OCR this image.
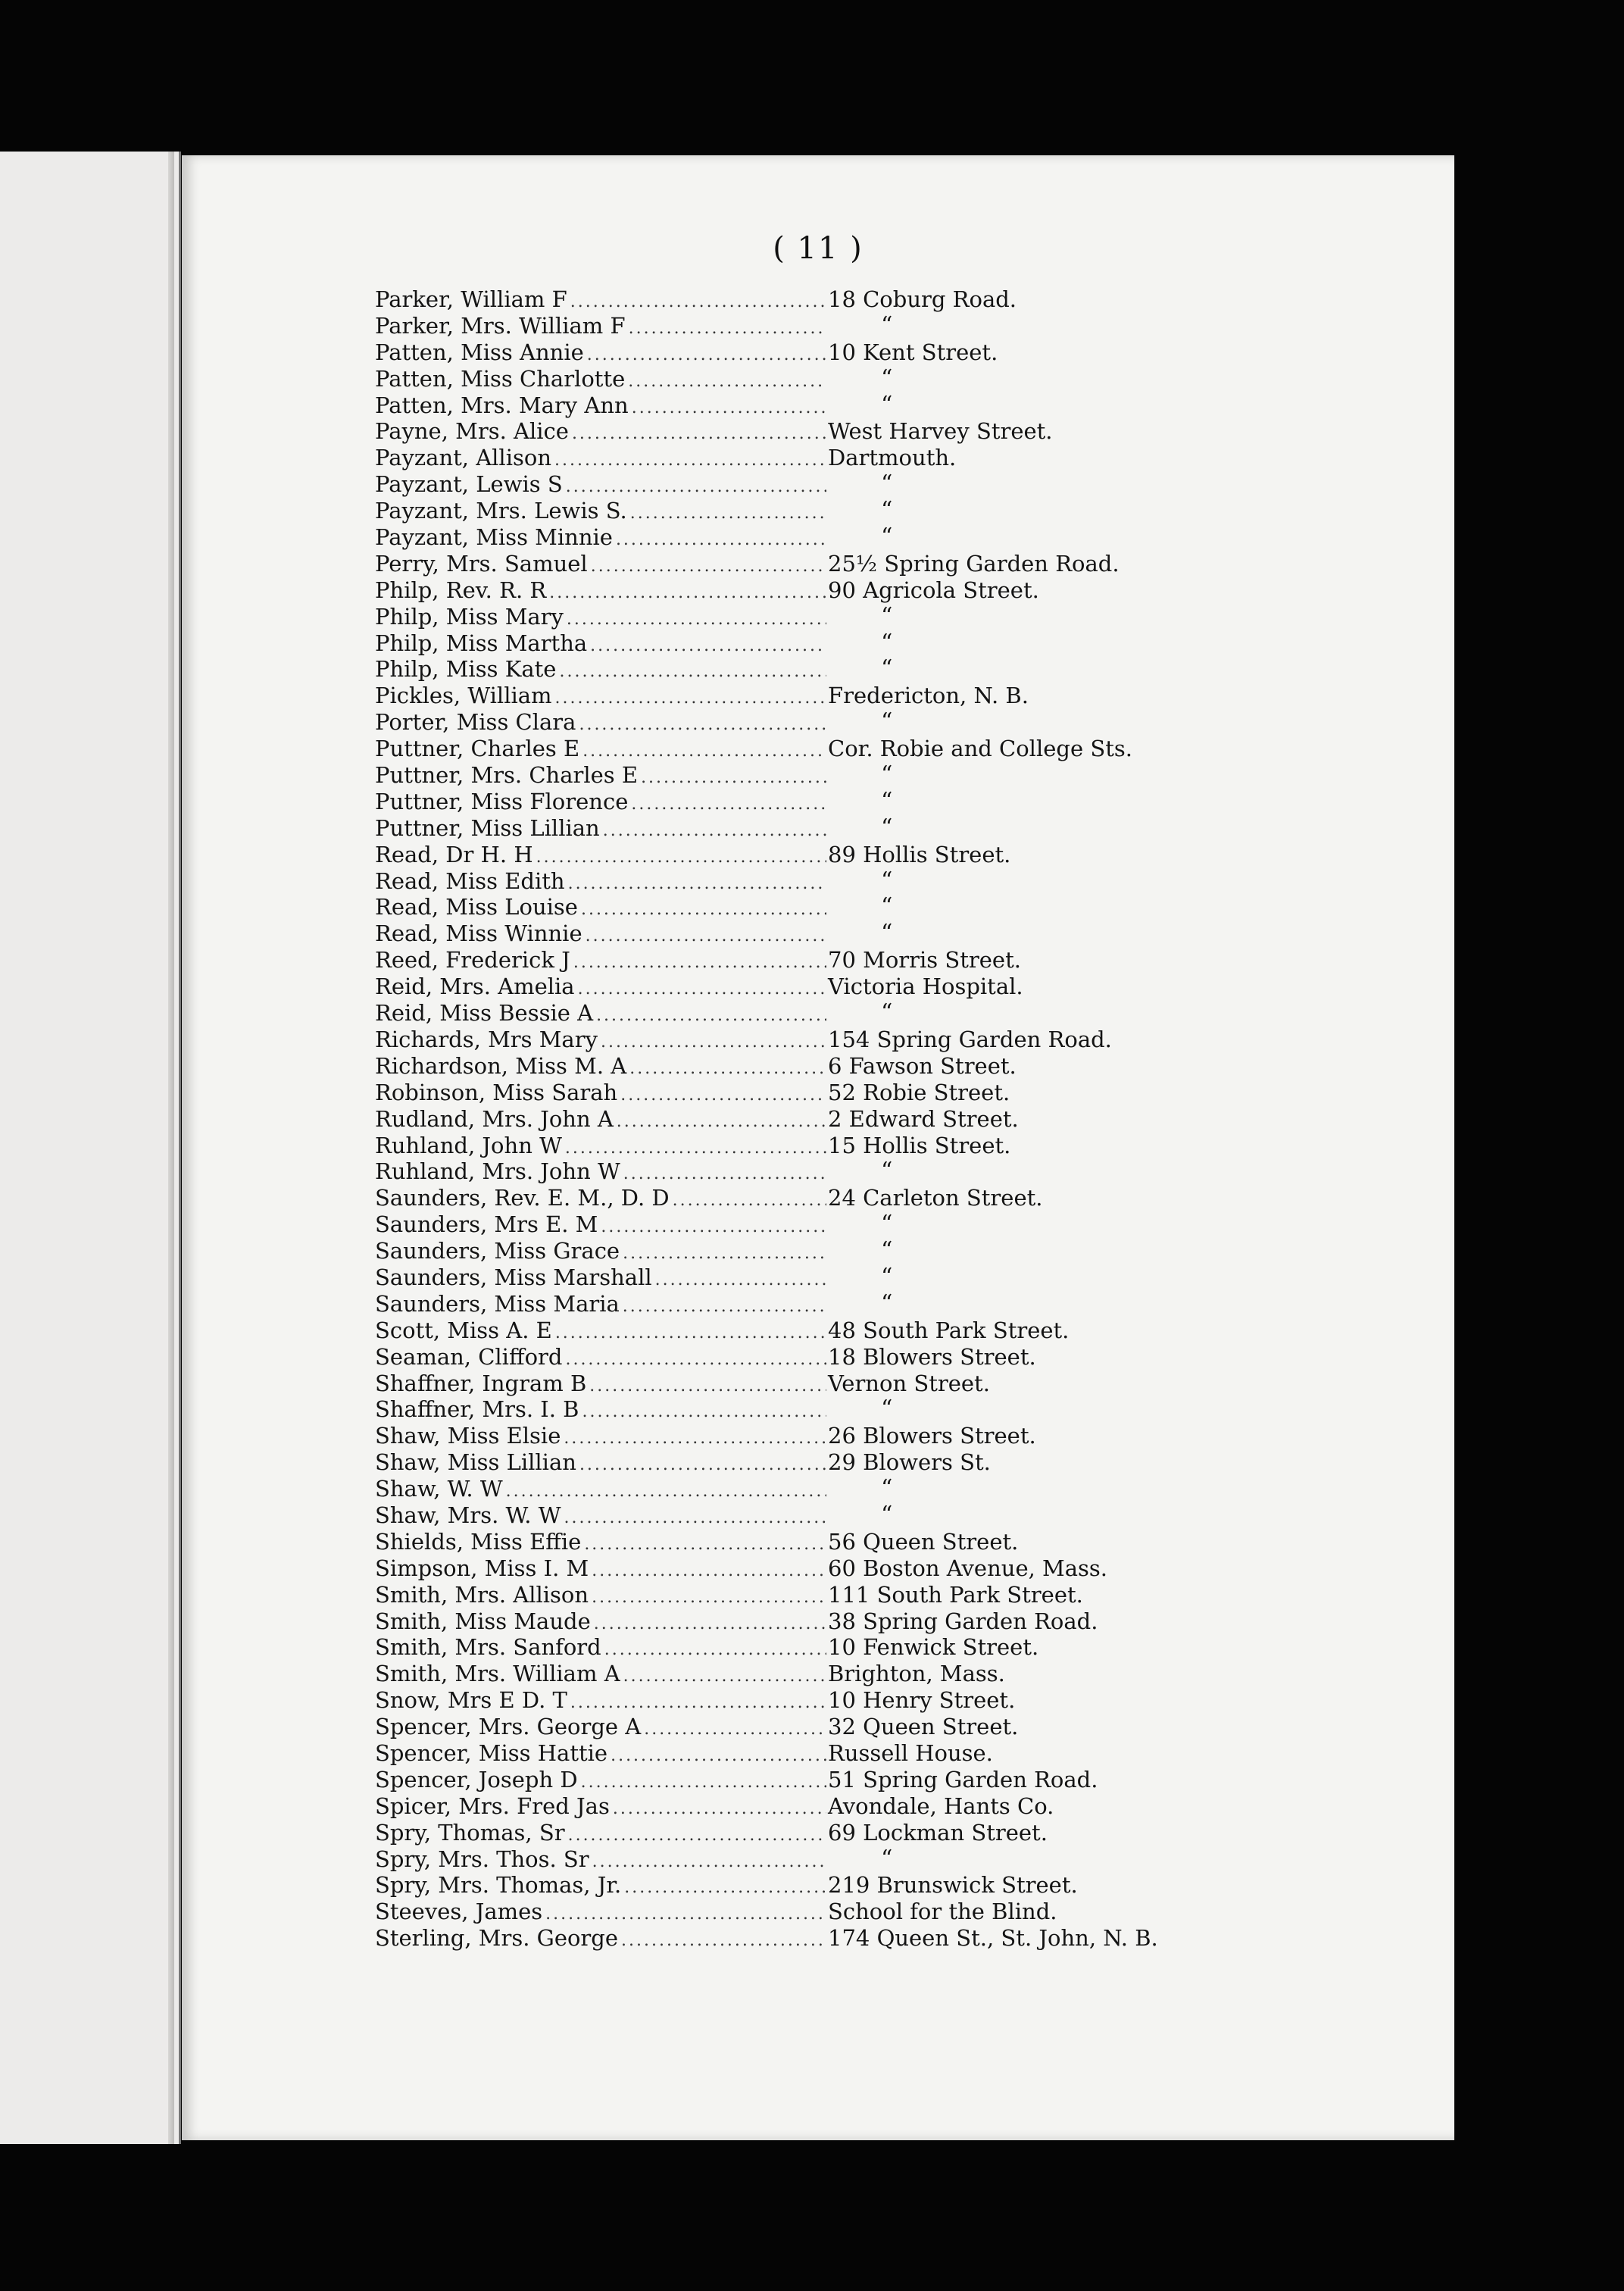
( 11 )
Parker, William F .....	18 Coburg Road.
Parker, Mrs. William F .....	“
Patten, Miss Annie .....	10 Kent Street.
Patten, Miss Charlotte .....	“
Patten, Mrs. Mary Ann .....	“
Payne, Mrs. Alice .....	West Harvey Street.
Payzant, Allison .....	Dartmouth.
Payzant, Lewis S .....	“
Payzant, Mrs. Lewis S. .....	“
Payzant, Miss Minnie .....	“
Perry, Mrs. Samuel .....	25½ Spring Garden Road.
Philp, Rev. R. R .....	90 Agricola Street.
Philp, Miss Mary .....	“
Philp, Miss Martha .....	“
Philp, Miss Kate .....	“
Pickles, William .....	Fredericton, N. B.
Porter, Miss Clara .....	“
Puttner, Charles E .....	Cor. Robie and College Sts.
Puttner, Mrs. Charles E .....	“
Puttner, Miss Florence .....	“
Puttner, Miss Lillian .....	“
Read, Dr H. H .....	89 Hollis Street.
Read, Miss Edith .....	“
Read, Miss Louise .....	“
Read, Miss Winnie .....	“
Reed, Frederick J .....	70 Morris Street.
Reid, Mrs. Amelia .....	Victoria Hospital.
Reid, Miss Bessie A .....	“
Richards, Mrs Mary .....	154 Spring Garden Road.
Richardson, Miss M. A .....	6 Fawson Street.
Robinson, Miss Sarah .....	52 Robie Street.
Rudland, Mrs. John A .....	2 Edward Street.
Ruhland, John W .....	15 Hollis Street.
Ruhland, Mrs. John W .....	“
Saunders, Rev. E. M., D. D .....	24 Carleton Street.
Saunders, Mrs E. M .....	“
Saunders, Miss Grace .....	“
Saunders, Miss Marshall .....	“
Saunders, Miss Maria .....	“
Scott, Miss A. E .....	48 South Park Street.
Seaman, Clifford .....	18 Blowers Street.
Shaffner, Ingram B .....	Vernon Street.
Shaffner, Mrs. I. B .....	“
Shaw, Miss Elsie .....	26 Blowers Street.
Shaw, Miss Lillian .....	29 Blowers St.
Shaw, W. W .....	“
Shaw, Mrs. W. W .....	“
Shields, Miss Effie .....	56 Queen Street.
Simpson, Miss I. M .....	60 Boston Avenue, Mass.
Smith, Mrs. Allison .....	111 South Park Street.
Smith, Miss Maude .....	38 Spring Garden Road.
Smith, Mrs. Sanford .....	10 Fenwick Street.
Smith, Mrs. William A .....	Brighton, Mass.
Snow, Mrs E D. T .....	10 Henry Street.
Spencer, Mrs. George A .....	32 Queen Street.
Spencer, Miss Hattie .....	Russell House.
Spencer, Joseph D .....	51 Spring Garden Road.
Spicer, Mrs. Fred Jas .....	Avondale, Hants Co.
Spry, Thomas, Sr .....	69 Lockman Street.
Spry, Mrs. Thos. Sr .....	“
Spry, Mrs. Thomas, Jr. .....	219 Brunswick Street.
Steeves, James .....	School for the Blind.
Sterling, Mrs. George .....	174 Queen St., St. John, N. B.
